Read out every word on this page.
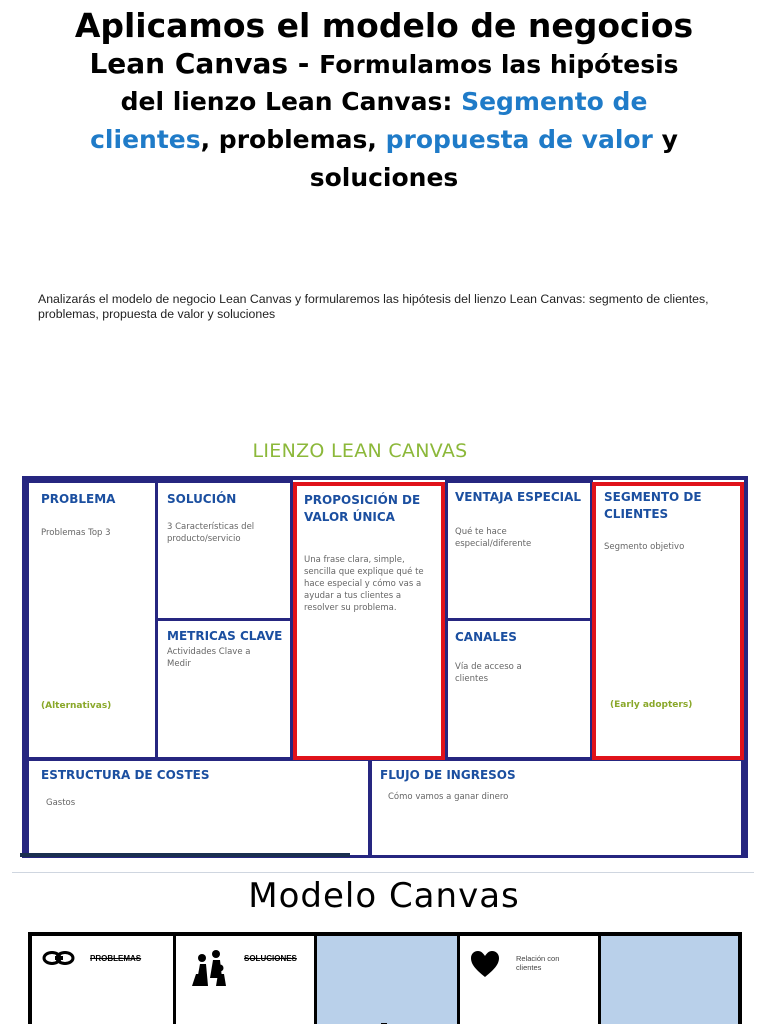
Aplicamos el modelo de negocios
Lean Canvas - Formulamos las hipótesis
del lienzo Lean Canvas: Segmento de
clientes, problemas, propuesta de valor y
soluciones
Analizarás el modelo de negocio Lean Canvas y formularemos las hipótesis del lienzo Lean Canvas: segmento de clientes, problemas, propuesta de valor y soluciones
LIENZO LEAN CANVAS
PROBLEMA
Problemas Top 3
(Alternativas)
SOLUCIÓN
3 Características del producto/servicio
METRICAS CLAVE
Actividades Clave a Medir
PROPOSICIÓN DE VALOR ÚNICA
Una frase clara, simple, sencilla que explique qué te hace especial y cómo vas a ayudar a tus clientes a resolver su problema.
VENTAJA ESPECIAL
Qué te hace especial/diferente
CANALES
Vía de acceso a clientes
SEGMENTO DE CLIENTES
Segmento objetivo
(Early adopters)
ESTRUCTURA DE COSTES
Gastos
FLUJO DE INGRESOS
Cómo vamos a ganar dinero
Modelo Canvas
PROBLEMAS	SOLUCIONES	Relación con clientes
